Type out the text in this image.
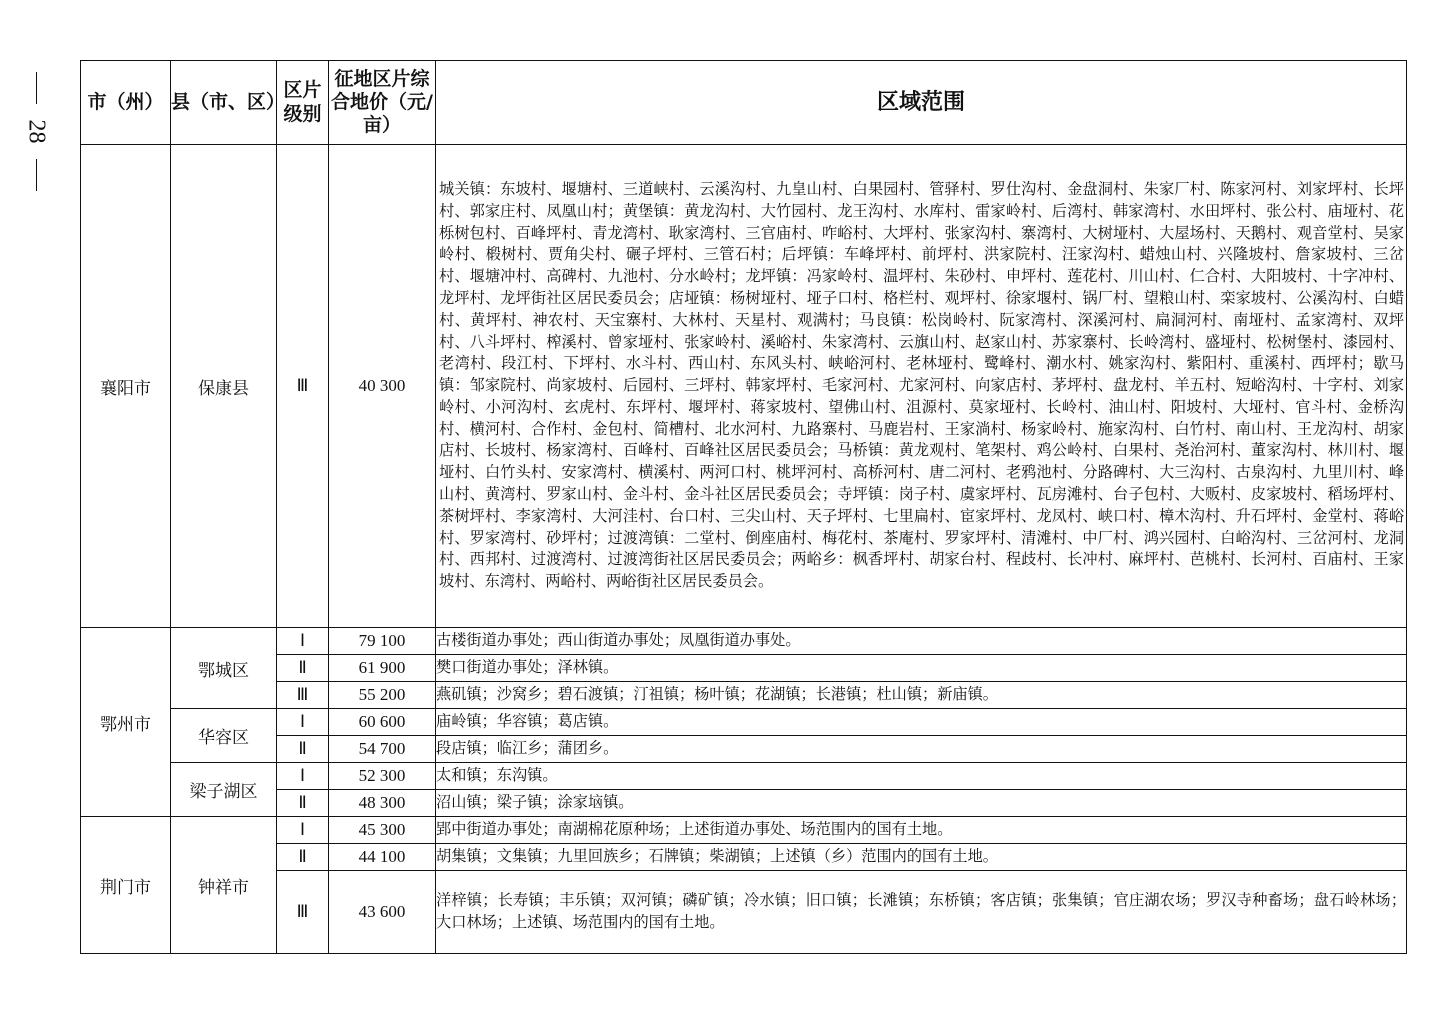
28
市（州）	县（市、区）	区片级别	征地区片综合地价（元/亩）	区域范围
襄阳市	保康县	Ⅲ	40 300	城关镇：东坡村、堰塘村、三道峡村、云溪沟村、九皇山村、白果园村、管驿村、罗仕沟村、金盘洞村、朱家厂村、陈家河村、刘家坪村、长坪村、郭家庄村、凤凰山村；黄堡镇：黄龙沟村、大竹园村、龙王沟村、水库村、雷家岭村、后湾村、韩家湾村、水田坪村、张公村、庙垭村、花栎树包村、百峰坪村、青龙湾村、耿家湾村、三官庙村、咋峪村、大坪村、张家沟村、寨湾村、大树垭村、大屋场村、天鹅村、观音堂村、吴家岭村、椴树村、贾角尖村、碾子坪村、三管石村；后坪镇：车峰坪村、前坪村、洪家院村、汪家沟村、蜡烛山村、兴隆坡村、詹家坡村、三岔村、堰塘冲村、高碑村、九池村、分水岭村；龙坪镇：冯家岭村、温坪村、朱砂村、申坪村、莲花村、川山村、仁合村、大阳坡村、十字冲村、龙坪村、龙坪街社区居民委员会；店垭镇：杨树垭村、垭子口村、格栏村、观坪村、徐家堰村、锅厂村、望粮山村、栾家坡村、公溪沟村、白蜡村、黄坪村、神农村、天宝寨村、大林村、天星村、观满村；马良镇：松岗岭村、阮家湾村、深溪河村、扁洞河村、南垭村、孟家湾村、双坪村、八斗坪村、榨溪村、曾家垭村、张家岭村、溪峪村、朱家湾村、云旗山村、赵家山村、苏家寨村、长岭湾村、盛垭村、松树堡村、漆园村、老湾村、段江村、下坪村、水斗村、西山村、东风头村、峡峪河村、老林垭村、鹭峰村、潮水村、姚家沟村、紫阳村、重溪村、西坪村；歇马镇：邹家院村、尚家坡村、后园村、三坪村、韩家坪村、毛家河村、尤家河村、向家店村、茅坪村、盘龙村、羊五村、短峪沟村、十字村、刘家岭村、小河沟村、玄虎村、东坪村、堰坪村、蒋家坡村、望佛山村、沮源村、莫家垭村、长岭村、油山村、阳坡村、大垭村、官斗村、金桥沟村、横河村、合作村、金包村、简槽村、北水河村、九路寨村、马鹿岩村、王家淌村、杨家岭村、施家沟村、白竹村、南山村、王龙沟村、胡家店村、长坡村、杨家湾村、百峰村、百峰社区居民委员会；马桥镇：黄龙观村、笔架村、鸡公岭村、白果村、尧治河村、董家沟村、林川村、堰垭村、白竹头村、安家湾村、横溪村、两河口村、桃坪河村、高桥河村、唐二河村、老鸦池村、分路碑村、大三沟村、古泉沟村、九里川村、峰山村、黄湾村、罗家山村、金斗村、金斗社区居民委员会；寺坪镇：岗子村、虞家坪村、瓦房滩村、台子包村、大贩村、皮家坡村、稻场坪村、茶树坪村、李家湾村、大河洼村、台口村、三尖山村、天子坪村、七里扁村、宦家坪村、龙凤村、峡口村、樟木沟村、升石坪村、金堂村、蒋峪村、罗家湾村、砂坪村；过渡湾镇：二堂村、倒座庙村、梅花村、茶庵村、罗家坪村、清滩村、中厂村、鸿兴园村、白峪沟村、三岔河村、龙洞村、西邦村、过渡湾村、过渡湾街社区居民委员会；两峪乡：枫香坪村、胡家台村、程歧村、长冲村、麻坪村、芭桃村、长河村、百庙村、王家坡村、东湾村、两峪村、两峪街社区居民委员会。
鄂州市	鄂城区	Ⅰ	79 100	古楼街道办事处；西山街道办事处；凤凰街道办事处。
		Ⅱ	61 900	樊口街道办事处；泽林镇。
		Ⅲ	55 200	燕矶镇；沙窝乡；碧石渡镇；汀祖镇；杨叶镇；花湖镇；长港镇；杜山镇；新庙镇。
	华容区	Ⅰ	60 600	庙岭镇；华容镇；葛店镇。
		Ⅱ	54 700	段店镇；临江乡；蒲团乡。
	梁子湖区	Ⅰ	52 300	太和镇；东沟镇。
		Ⅱ	48 300	沼山镇；梁子镇；涂家垴镇。
荆门市	钟祥市	Ⅰ	45 300	郢中街道办事处；南湖棉花原种场；上述街道办事处、场范围内的国有土地。
		Ⅱ	44 100	胡集镇；文集镇；九里回族乡；石牌镇；柴湖镇；上述镇（乡）范围内的国有土地。
		Ⅲ	43 600	洋梓镇；长寿镇；丰乐镇；双河镇；磷矿镇；冷水镇；旧口镇；长滩镇；东桥镇；客店镇；张集镇；官庄湖农场；罗汉寺种畜场；盘石岭林场；大口林场；上述镇、场范围内的国有土地。
